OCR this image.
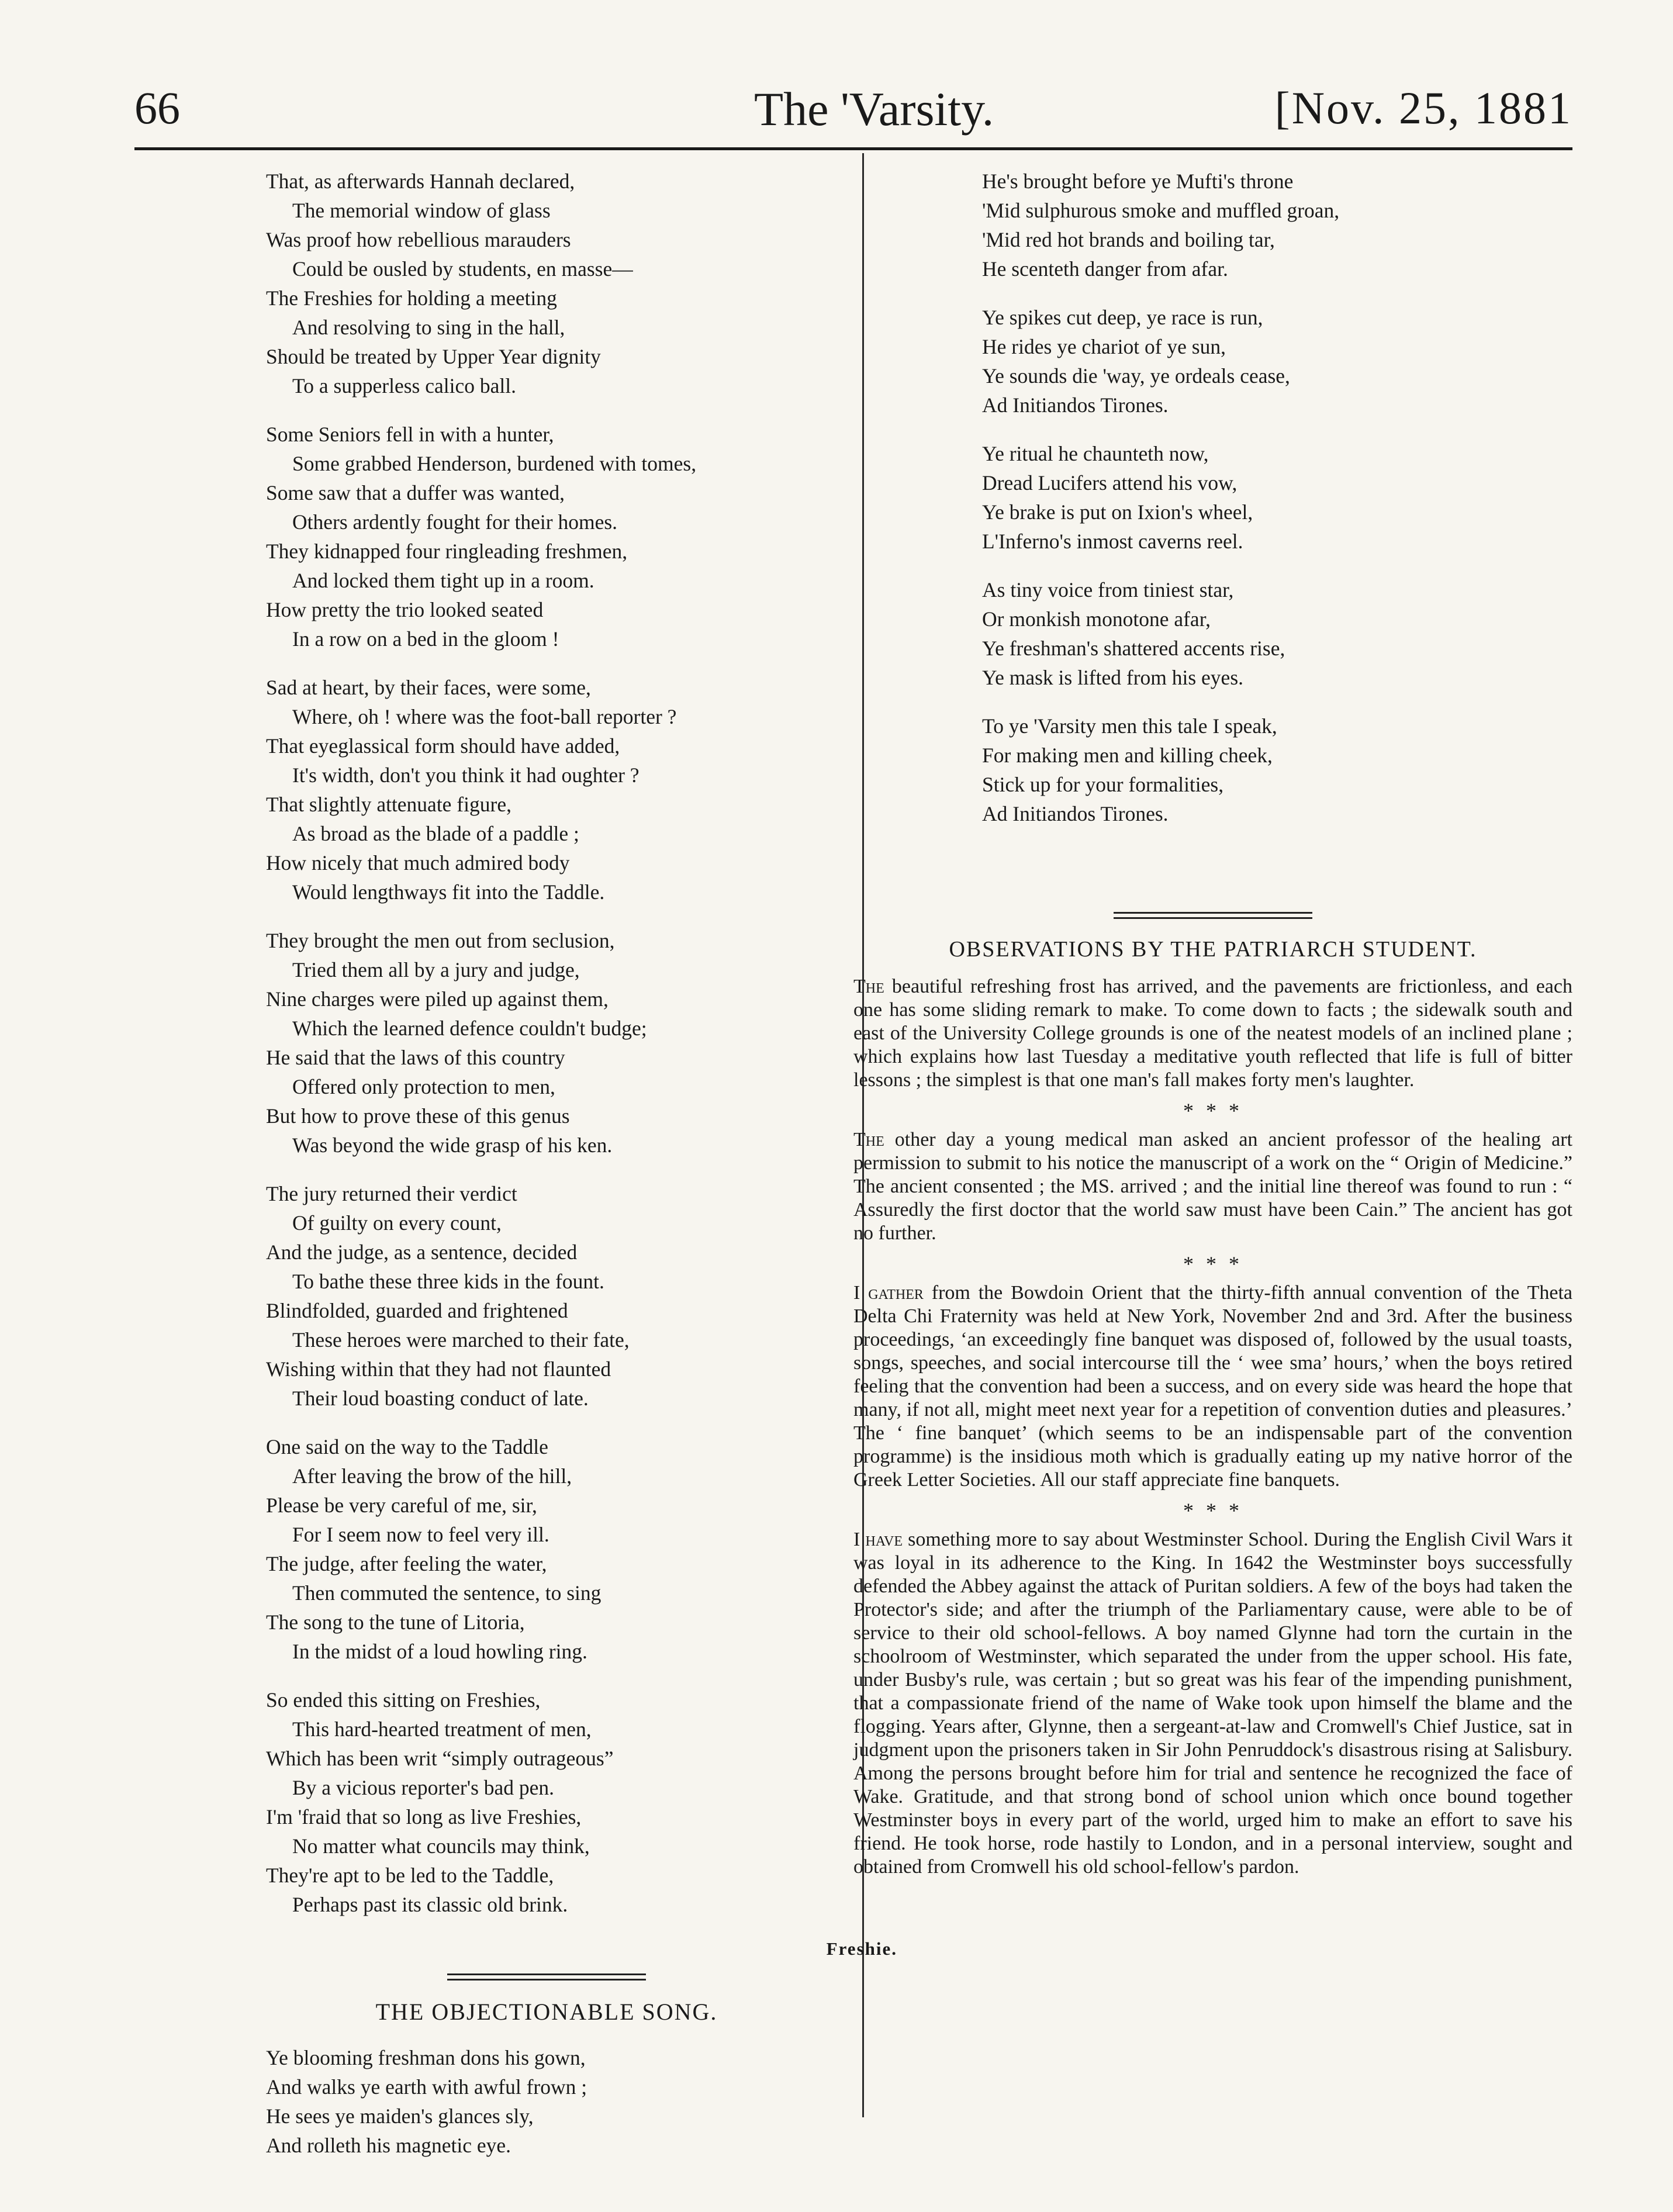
66	The 'Varsity.	[Nov. 25, 1881
That, as afterwards Hannah declared,
The memorial window of glass
Was proof how rebellious marauders
Could be ousled by students, en masse—
The Freshies for holding a meeting
And resolving to sing in the hall,
Should be treated by Upper Year dignity
To a supperless calico ball.
Some Seniors fell in with a hunter,
Some grabbed Henderson, burdened with tomes,
Some saw that a duffer was wanted,
Others ardently fought for their homes.
They kidnapped four ringleading freshmen,
And locked them tight up in a room.
How pretty the trio looked seated
In a row on a bed in the gloom !
Sad at heart, by their faces, were some,
Where, oh ! where was the foot-ball reporter ?
That eyeglassical form should have added,
It's width, don't you think it had oughter ?
That slightly attenuate figure,
As broad as the blade of a paddle ;
How nicely that much admired body
Would lengthways fit into the Taddle.
They brought the men out from seclusion,
Tried them all by a jury and judge,
Nine charges were piled up against them,
Which the learned defence couldn't budge;
He said that the laws of this country
Offered only protection to men,
But how to prove these of this genus
Was beyond the wide grasp of his ken.
The jury returned their verdict
Of guilty on every count,
And the judge, as a sentence, decided
To bathe these three kids in the fount.
Blindfolded, guarded and frightened
These heroes were marched to their fate,
Wishing within that they had not flaunted
Their loud boasting conduct of late.
One said on the way to the Taddle
After leaving the brow of the hill,
Please be very careful of me, sir,
For I seem now to feel very ill.
The judge, after feeling the water,
Then commuted the sentence, to sing
The song to the tune of Litoria,
In the midst of a loud howling ring.
So ended this sitting on Freshies,
This hard-hearted treatment of men,
Which has been writ “simply outrageous”
By a vicious reporter's bad pen.
I'm 'fraid that so long as live Freshies,
No matter what councils may think,
They're apt to be led to the Taddle,
Perhaps past its classic old brink.
Freshie.
THE OBJECTIONABLE SONG.
Ye blooming freshman dons his gown,
And walks ye earth with awful frown ;
He sees ye maiden's glances sly,
And rolleth his magnetic eye.
He's brought before ye Mufti's throne
'Mid sulphurous smoke and muffled groan,
'Mid red hot brands and boiling tar,
He scenteth danger from afar.
Ye spikes cut deep, ye race is run,
He rides ye chariot of ye sun,
Ye sounds die 'way, ye ordeals cease,
Ad Initiandos Tirones.
Ye ritual he chaunteth now,
Dread Lucifers attend his vow,
Ye brake is put on Ixion's wheel,
L'Inferno's inmost caverns reel.
As tiny voice from tiniest star,
Or monkish monotone afar,
Ye freshman's shattered accents rise,
Ye mask is lifted from his eyes.
To ye 'Varsity men this tale I speak,
For making men and killing cheek,
Stick up for your formalities,
Ad Initiandos Tirones.
OBSERVATIONS BY THE PATRIARCH STUDENT.

The beautiful refreshing frost has arrived, and the pavements are frictionless, and each one has some sliding remark to make. To come down to facts ; the sidewalk south and east of the University College grounds is one of the neatest models of an inclined plane ; which explains how last Tuesday a meditative youth reflected that life is full of bitter lessons ; the simplest is that one man's fall makes forty men's laughter.

* * *

The other day a young medical man asked an ancient professor of the healing art permission to submit to his notice the manuscript of a work on the “ Origin of Medicine.” The ancient consented ; the MS. arrived ; and the initial line thereof was found to run : “ Assuredly the first doctor that the world saw must have been Cain.” The ancient has got no further.

* * *

I gather from the Bowdoin Orient that the thirty-fifth annual convention of the Theta Delta Chi Fraternity was held at New York, November 2nd and 3rd. After the business proceedings, ‘an exceedingly fine banquet was disposed of, followed by the usual toasts, songs, speeches, and social intercourse till the ‘ wee sma’ hours,’ when the boys retired feeling that the convention had been a success, and on every side was heard the hope that many, if not all, might meet next year for a repetition of convention duties and pleasures.’ The ‘ fine banquet’ (which seems to be an indispensable part of the convention programme) is the insidious moth which is gradually eating up my native horror of the Greek Letter Societies. All our staff appreciate fine banquets.

* * *

I have something more to say about Westminster School. During the English Civil Wars it was loyal in its adherence to the King. In 1642 the Westminster boys successfully defended the Abbey against the attack of Puritan soldiers. A few of the boys had taken the Protector's side; and after the triumph of the Parliamentary cause, were able to be of service to their old school-fellows. A boy named Glynne had torn the curtain in the schoolroom of Westminster, which separated the under from the upper school. His fate, under Busby's rule, was certain ; but so great was his fear of the impending punishment, that a compassionate friend of the name of Wake took upon himself the blame and the flogging. Years after, Glynne, then a sergeant-at-law and Cromwell's Chief Justice, sat in judgment upon the prisoners taken in Sir John Penruddock's disastrous rising at Salisbury. Among the persons brought before him for trial and sentence he recognized the face of Wake. Gratitude, and that strong bond of school union which once bound together Westminster boys in every part of the world, urged him to make an effort to save his friend. He took horse, rode hastily to London, and in a personal interview, sought and obtained from Cromwell his old school-fellow's pardon.
